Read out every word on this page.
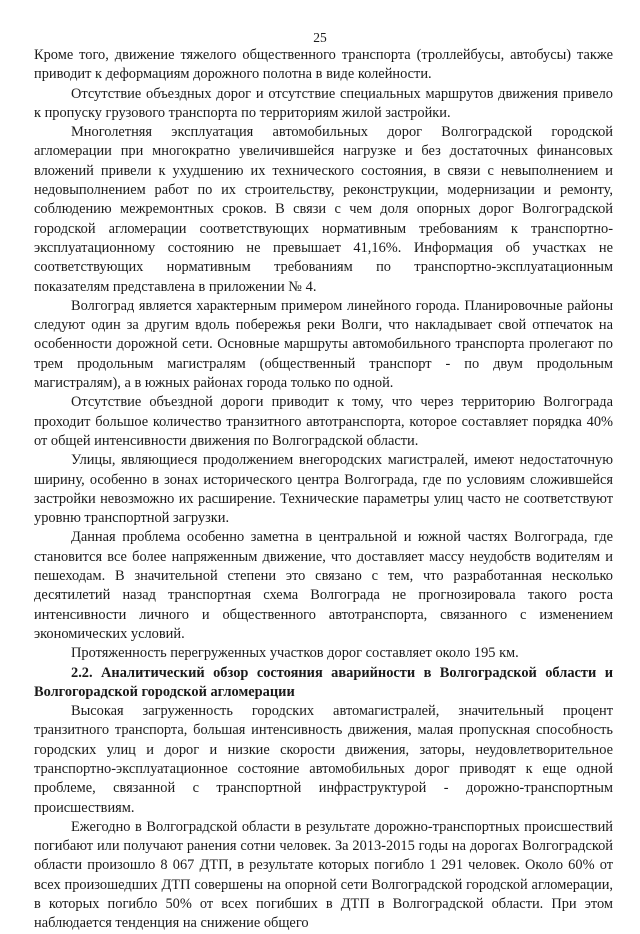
25

Кроме того, движение тяжелого общественного транспорта (троллейбусы, автобусы) также приводит к деформациям дорожного полотна в виде колейности.

Отсутствие объездных дорог и отсутствие специальных маршрутов движения привело к пропуску грузового транспорта по территориям жилой застройки.

Многолетняя эксплуатация автомобильных дорог Волгоградской городской агломерации при многократно увеличившейся нагрузке и без достаточных финансовых вложений привели к ухудшению их технического состояния, в связи с невыполнением и недовыполнением работ по их строительству, реконструкции, модернизации и ремонту, соблюдению межремонтных сроков. В связи с чем доля опорных дорог Волгоградской городской агломерации соответствующих нормативным требованиям к транспортно-эксплуатационному состоянию не превышает 41,16%. Информация об участках не соответствующих нормативным требованиям по транспортно-эксплуатационным показателям представлена в приложении № 4.

Волгоград является характерным примером линейного города. Планировочные районы следуют один за другим вдоль побережья реки Волги, что накладывает свой отпечаток на особенности дорожной сети. Основные маршруты автомобильного транспорта пролегают по трем продольным магистралям (общественный транспорт - по двум продольным магистралям), а в южных районах города только по одной.

Отсутствие объездной дороги приводит к тому, что через территорию Волгограда проходит большое количество транзитного автотранспорта, которое составляет порядка 40% от общей интенсивности движения по Волгоградской области.

Улицы, являющиеся продолжением внегородских магистралей, имеют недостаточную ширину, особенно в зонах исторического центра Волгограда, где по условиям сложившейся застройки невозможно их расширение. Технические параметры улиц часто не соответствуют уровню транспортной загрузки.

Данная проблема особенно заметна в центральной и южной частях Волгограда, где становится все более напряженным движение, что доставляет массу неудобств водителям и пешеходам. В значительной степени это связано с тем, что разработанная несколько десятилетий назад транспортная схема Волгограда не прогнозировала такого роста интенсивности личного и общественного автотранспорта, связанного с изменением экономических условий.

Протяженность перегруженных участков дорог составляет около 195 км.

2.2. Аналитический обзор состояния аварийности в Волгоградской области и Волгогорадской городской агломерации

Высокая загруженность городских автомагистралей, значительный процент транзитного транспорта, большая интенсивность движения, малая пропускная способность городских улиц и дорог и низкие скорости движения, заторы, неудовлетворительное транспортно-эксплуатационное состояние автомобильных дорог приводят к еще одной проблеме, связанной с транспортной инфраструктурой - дорожно-транспортным происшествиям.

Ежегодно в Волгоградской области в результате дорожно-транспортных происшествий погибают или получают ранения сотни человек. За 2013-2015 годы на дорогах Волгоградской области произошло 8 067 ДТП, в результате которых погибло 1 291 человек. Около 60% от всех произошедших ДТП совершены на опорной сети Волгоградской городской агломерации, в которых погибло 50% от всех погибших в ДТП в Волгоградской области. При этом наблюдается тенденция на снижение общего
